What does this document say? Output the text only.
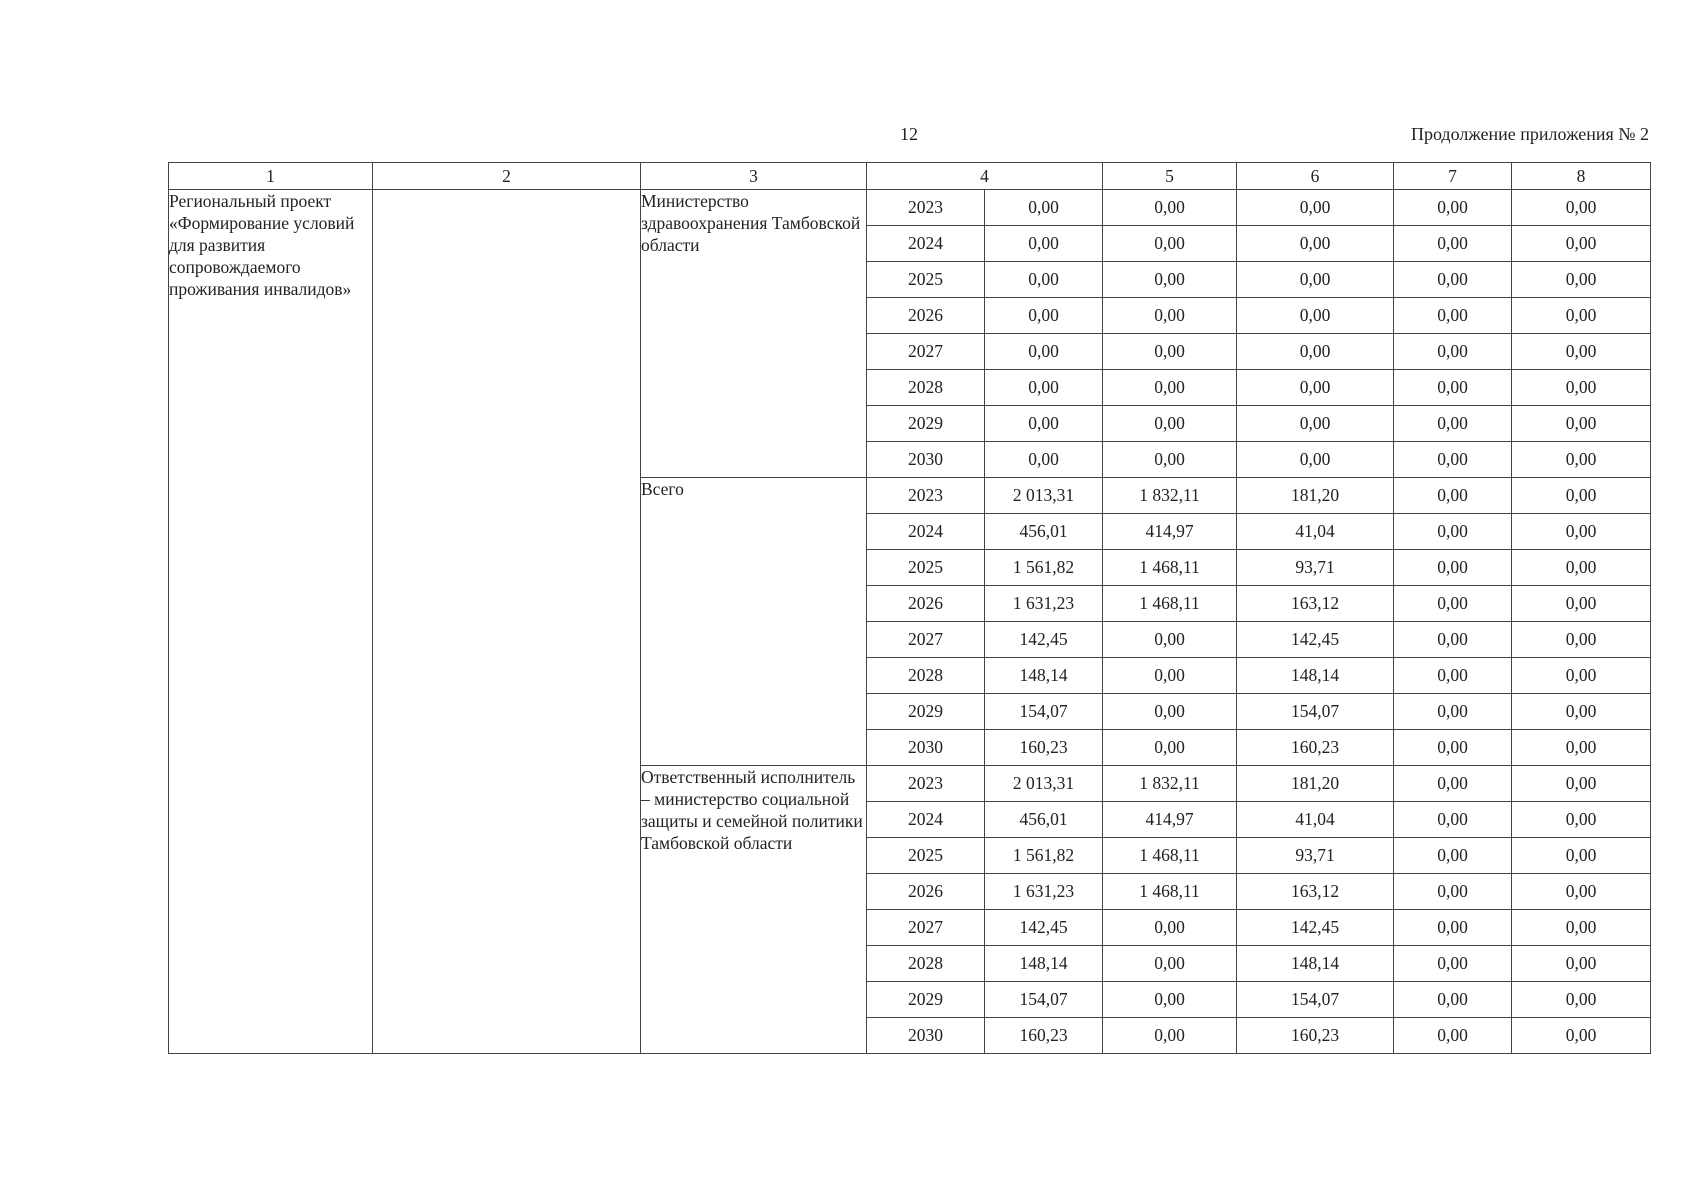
12	Продолжение приложения № 2
1	2	3	4		5	6	7	8
Региональный проект «Формирование условий для развития сопровождаемого проживания инвалидов»		Министерство здравоохранения Тамбовской области	2023	0,00	0,00	0,00	0,00	0,00
			2024	0,00	0,00	0,00	0,00	0,00
			2025	0,00	0,00	0,00	0,00	0,00
			2026	0,00	0,00	0,00	0,00	0,00
			2027	0,00	0,00	0,00	0,00	0,00
			2028	0,00	0,00	0,00	0,00	0,00
			2029	0,00	0,00	0,00	0,00	0,00
			2030	0,00	0,00	0,00	0,00	0,00
		Всего	2023	2 013,31	1 832,11	181,20	0,00	0,00
			2024	456,01	414,97	41,04	0,00	0,00
			2025	1 561,82	1 468,11	93,71	0,00	0,00
			2026	1 631,23	1 468,11	163,12	0,00	0,00
			2027	142,45	0,00	142,45	0,00	0,00
			2028	148,14	0,00	148,14	0,00	0,00
			2029	154,07	0,00	154,07	0,00	0,00
			2030	160,23	0,00	160,23	0,00	0,00
		Ответственный исполнитель – министерство социальной защиты и семейной политики Тамбовской области	2023	2 013,31	1 832,11	181,20	0,00	0,00
			2024	456,01	414,97	41,04	0,00	0,00
			2025	1 561,82	1 468,11	93,71	0,00	0,00
			2026	1 631,23	1 468,11	163,12	0,00	0,00
			2027	142,45	0,00	142,45	0,00	0,00
			2028	148,14	0,00	148,14	0,00	0,00
			2029	154,07	0,00	154,07	0,00	0,00
			2030	160,23	0,00	160,23	0,00	0,00
